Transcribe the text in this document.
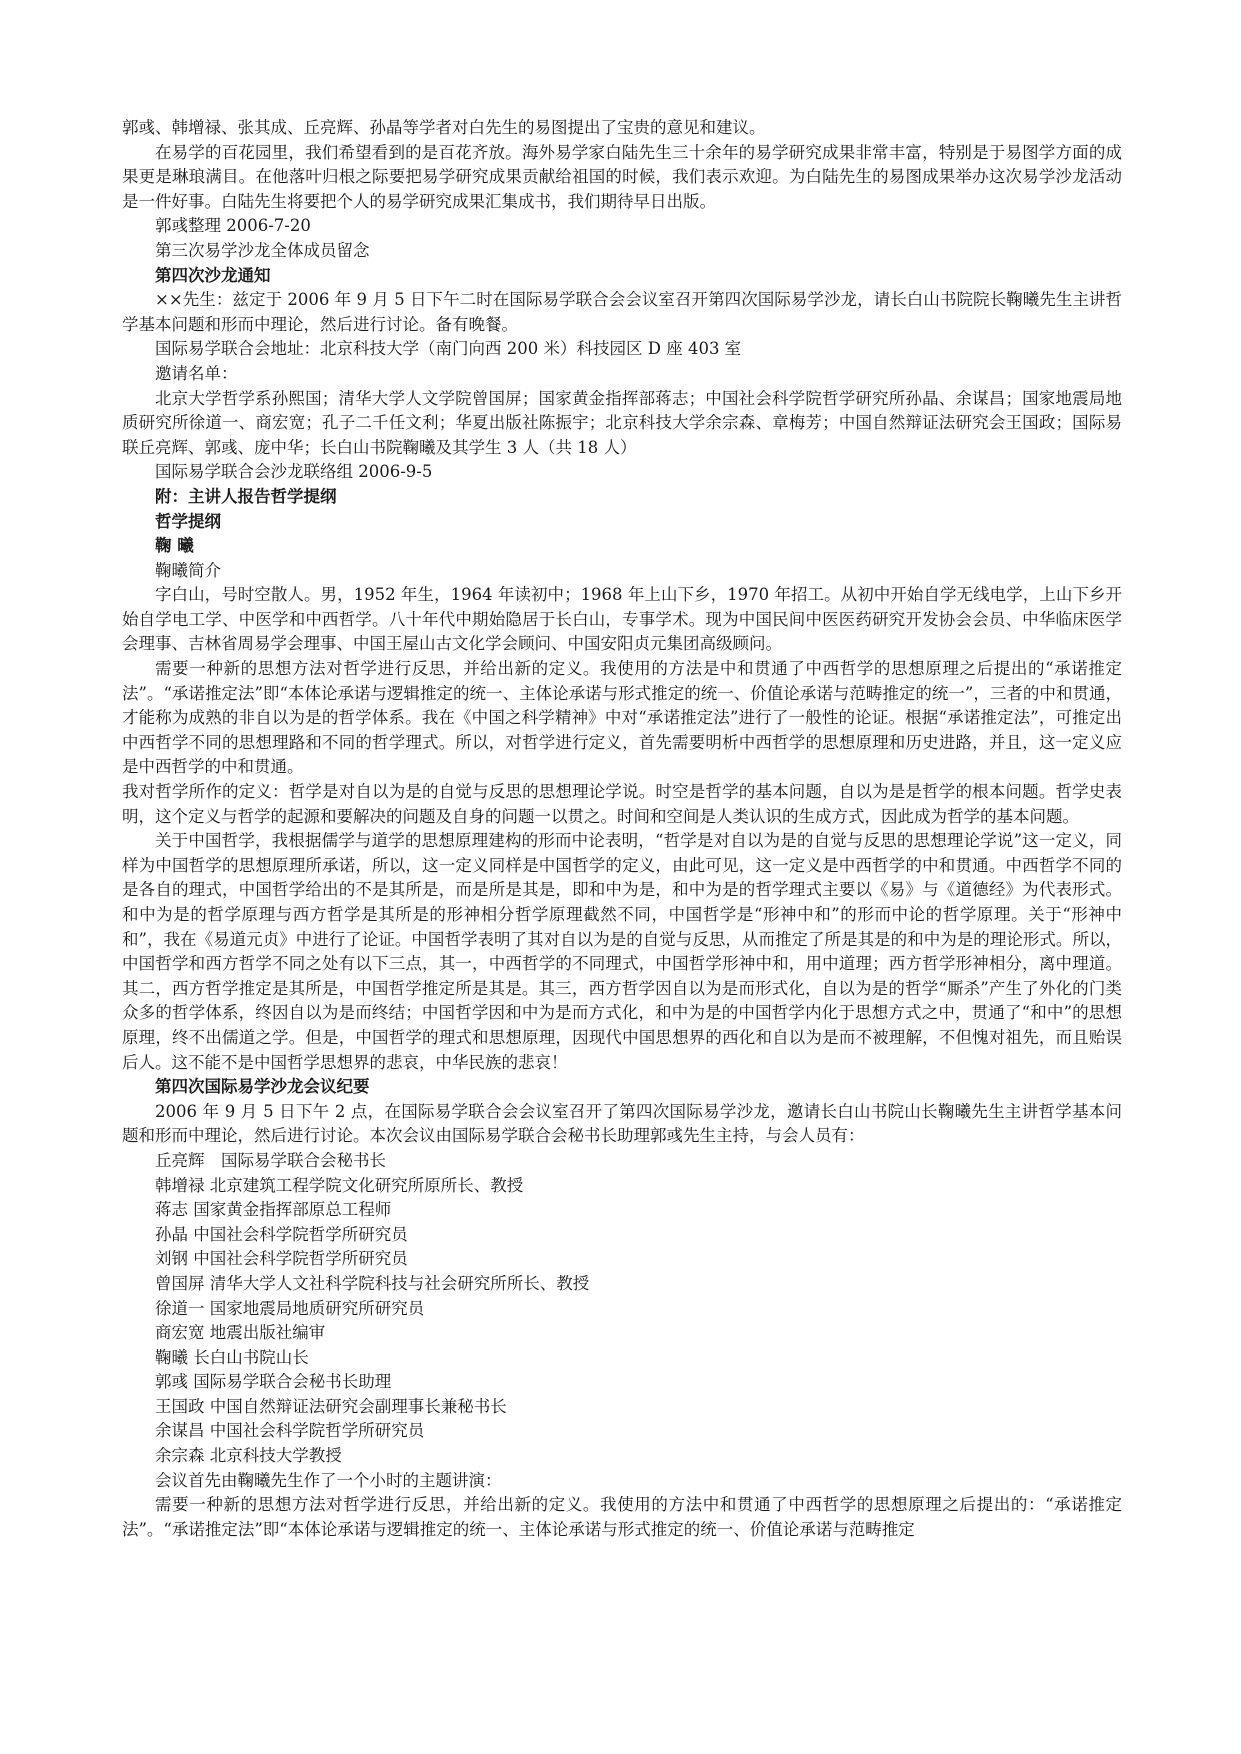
郭彧、韩增禄、张其成、丘亮辉、孙晶等学者对白先生的易图提出了宝贵的意见和建议。

在易学的百花园里，我们希望看到的是百花齐放。海外易学家白陆先生三十余年的易学研究成果非常丰富，特别是于易图学方面的成果更是琳琅满目。在他落叶归根之际要把易学研究成果贡献给祖国的时候，我们表示欢迎。为白陆先生的易图成果举办这次易学沙龙活动是一件好事。白陆先生将要把个人的易学研究成果汇集成书，我们期待早日出版。

郭彧整理 2006-7-20

第三次易学沙龙全体成员留念

第四次沙龙通知

××先生：兹定于 2006 年 9 月 5 日下午二时在国际易学联合会会议室召开第四次国际易学沙龙，请长白山书院院长鞠曦先生主讲哲学基本问题和形而中理论，然后进行讨论。备有晚餐。

国际易学联合会地址：北京科技大学（南门向西 200 米）科技园区 D 座 403 室

邀请名单：

北京大学哲学系孙熙国；清华大学人文学院曾国屏；国家黄金指挥部蒋志；中国社会科学院哲学研究所孙晶、余谋昌；国家地震局地质研究所徐道一、商宏宽；孔子二千任文利；华夏出版社陈振宇；北京科技大学余宗森、章梅芳；中国自然辩证法研究会王国政；国际易联丘亮辉、郭彧、庞中华；长白山书院鞠曦及其学生 3 人（共 18 人）

国际易学联合会沙龙联络组 2006-9-5

附：主讲人报告哲学提纲

哲学提纲

鞠 曦

鞠曦简介

字白山，号时空散人。男，1952 年生，1964 年读初中；1968 年上山下乡，1970 年招工。从初中开始自学无线电学，上山下乡开始自学电工学、中医学和中西哲学。八十年代中期始隐居于长白山，专事学术。现为中国民间中医医药研究开发协会会员、中华临床医学会理事、吉林省周易学会理事、中国王屋山古文化学会顾问、中国安阳贞元集团高级顾问。

需要一种新的思想方法对哲学进行反思，并给出新的定义。我使用的方法是中和贯通了中西哲学的思想原理之后提出的“承诺推定法”。“承诺推定法”即“本体论承诺与逻辑推定的统一、主体论承诺与形式推定的统一、价值论承诺与范畴推定的统一”，三者的中和贯通，才能称为成熟的非自以为是的哲学体系。我在《中国之科学精神》中对“承诺推定法”进行了一般性的论证。根据“承诺推定法”，可推定出中西哲学不同的思想理路和不同的哲学理式。所以，对哲学进行定义，首先需要明析中西哲学的思想原理和历史进路，并且，这一定义应是中西哲学的中和贯通。

我对哲学所作的定义：哲学是对自以为是的自觉与反思的思想理论学说。时空是哲学的基本问题，自以为是是哲学的根本问题。哲学史表明，这个定义与哲学的起源和要解决的问题及自身的问题一以贯之。时间和空间是人类认识的生成方式，因此成为哲学的基本问题。

关于中国哲学，我根据儒学与道学的思想原理建构的形而中论表明，“哲学是对自以为是的自觉与反思的思想理论学说”这一定义，同样为中国哲学的思想原理所承诺，所以，这一定义同样是中国哲学的定义，由此可见，这一定义是中西哲学的中和贯通。中西哲学不同的是各自的理式，中国哲学给出的不是其所是，而是所是其是，即和中为是，和中为是的哲学理式主要以《易》与《道德经》为代表形式。和中为是的哲学原理与西方哲学是其所是的形神相分哲学原理截然不同，中国哲学是“形神中和”的形而中论的哲学原理。关于“形神中和”，我在《易道元贞》中进行了论证。中国哲学表明了其对自以为是的自觉与反思，从而推定了所是其是的和中为是的理论形式。所以，中国哲学和西方哲学不同之处有以下三点，其一，中西哲学的不同理式，中国哲学形神中和，用中道理；西方哲学形神相分，离中理道。其二，西方哲学推定是其所是，中国哲学推定所是其是。其三，西方哲学因自以为是而形式化，自以为是的哲学“厮杀”产生了外化的门类众多的哲学体系，终因自以为是而终结；中国哲学因和中为是而方式化，和中为是的中国哲学内化于思想方式之中，贯通了“和中”的思想原理，终不出儒道之学。但是，中国哲学的理式和思想原理，因现代中国思想界的西化和自以为是而不被理解，不但愧对祖先，而且贻误后人。这不能不是中国哲学思想界的悲哀，中华民族的悲哀！

第四次国际易学沙龙会议纪要

2006 年 9 月 5 日下午 2 点，在国际易学联合会会议室召开了第四次国际易学沙龙，邀请长白山书院山长鞠曦先生主讲哲学基本问题和形而中理论，然后进行讨论。本次会议由国际易学联合会秘书长助理郭彧先生主持，与会人员有：

丘亮辉　国际易学联合会秘书长

韩增禄 北京建筑工程学院文化研究所原所长、教授

蒋志 国家黄金指挥部原总工程师

孙晶 中国社会科学院哲学所研究员

刘钢 中国社会科学院哲学所研究员

曾国屏 清华大学人文社科学院科技与社会研究所所长、教授

徐道一 国家地震局地质研究所研究员

商宏宽 地震出版社编审

鞠曦 长白山书院山长

郭彧 国际易学联合会秘书长助理

王国政 中国自然辩证法研究会副理事长兼秘书长

余谋昌 中国社会科学院哲学所研究员

余宗森 北京科技大学教授

会议首先由鞠曦先生作了一个小时的主题讲演：

需要一种新的思想方法对哲学进行反思，并给出新的定义。我使用的方法中和贯通了中西哲学的思想原理之后提出的：“承诺推定法”。“承诺推定法”即“本体论承诺与逻辑推定的统一、主体论承诺与形式推定的统一、价值论承诺与范畴推定
